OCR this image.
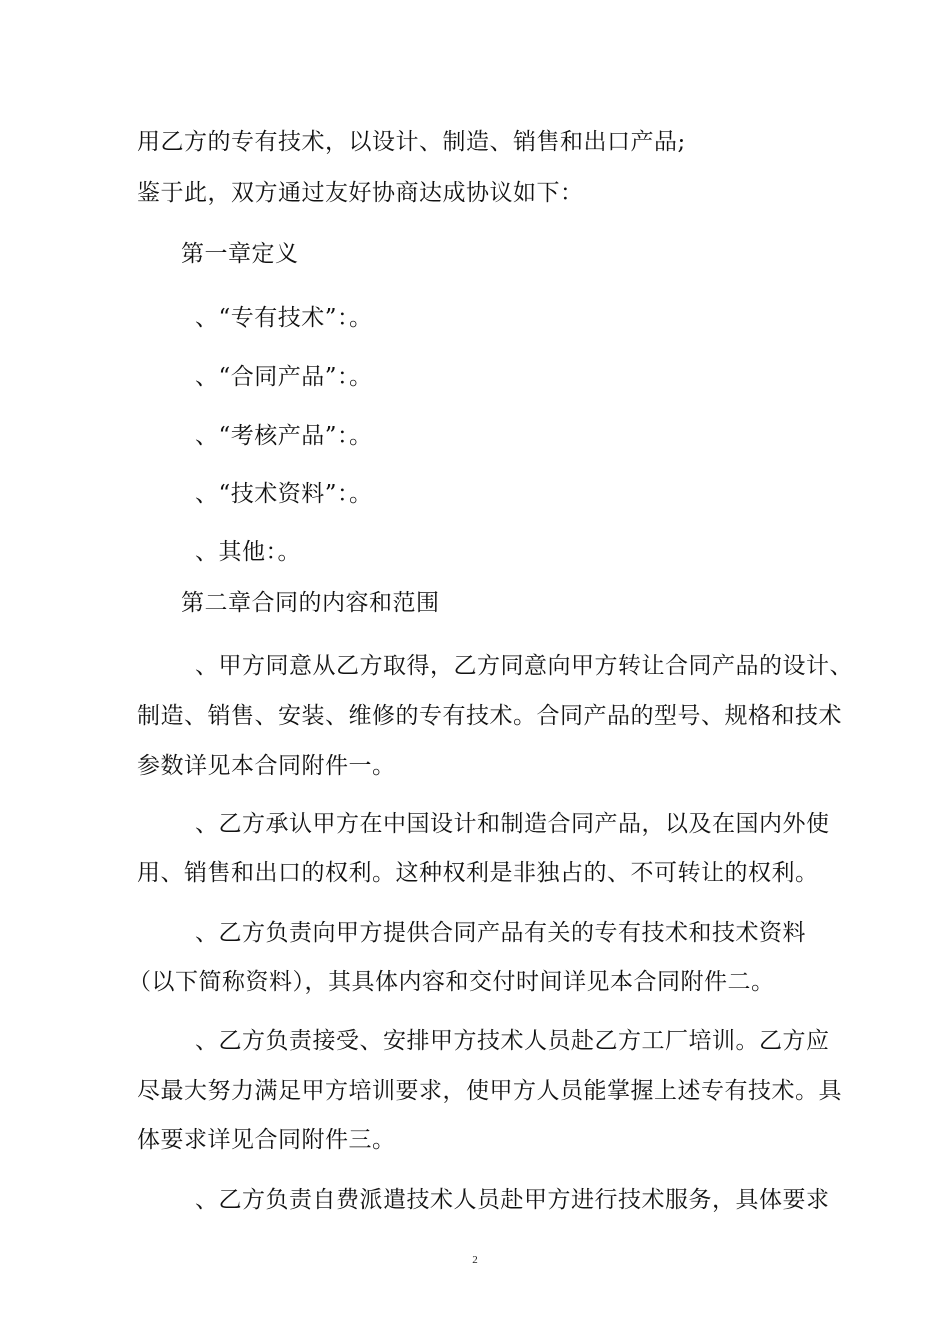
用乙方的专有技术，以设计、制造、销售和出口产品;
鉴于此，双方通过友好协商达成协议如下：
第一章定义
、“专有技术”：。
、“合同产品”：。
、“考核产品”：。
、“技术资料”：。
、其他：。
第二章合同的内容和范围
、甲方同意从乙方取得，乙方同意向甲方转让合同产品的设计、
制造、销售、安装、维修的专有技术。合同产品的型号、规格和技术
参数详见本合同附件一。
、乙方承认甲方在中国设计和制造合同产品，以及在国内外使
用、销售和出口的权利。这种权利是非独占的、不可转让的权利。
、乙方负责向甲方提供合同产品有关的专有技术和技术资料
（以下简称资料），其具体内容和交付时间详见本合同附件二。
、乙方负责接受、安排甲方技术人员赴乙方工厂培训。乙方应
尽最大努力满足甲方培训要求，使甲方人员能掌握上述专有技术。具
体要求详见合同附件三。
、乙方负责自费派遣技术人员赴甲方进行技术服务，具体要求
2
